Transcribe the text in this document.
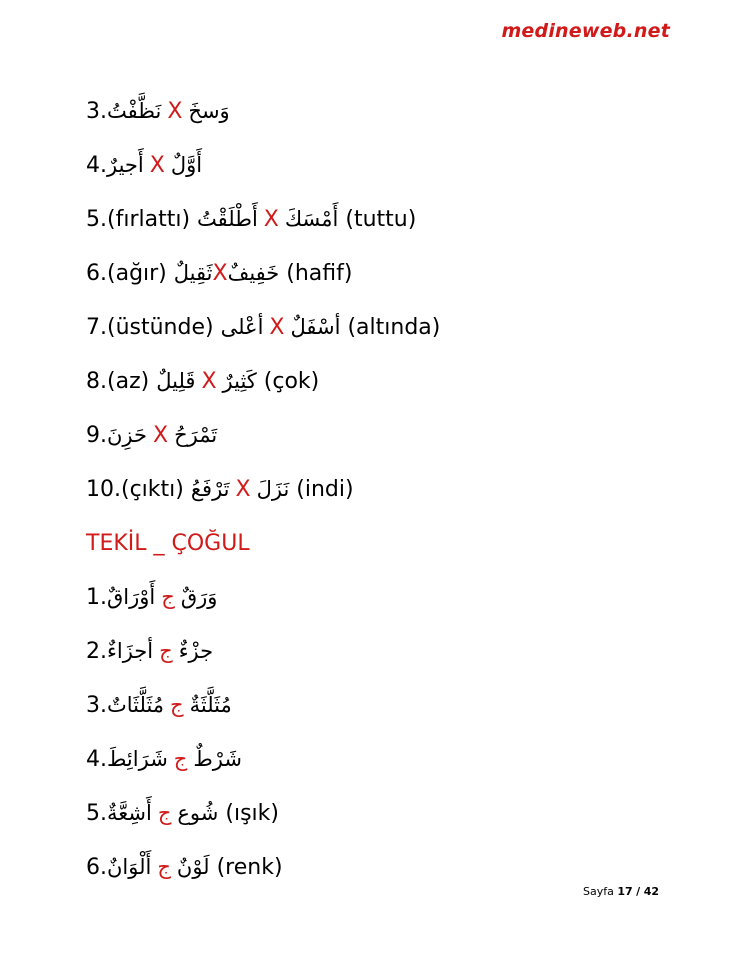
medineweb.net
3. نَظَّفْتُ X وَسخَ
4. أَجيرٌ X أَوَّلٌ
5. (fırlattı) أَطْلَقْتُ X أَمْسَكَ (tuttu)
6. (ağır) ثَقِيلٌ X خَفِيفٌ (hafif)
7. (üstünde) أعْلى X أسْفَلٌ (altında)
8. (az) قَلِيلٌ X كَثِيرٌ (çok)
9. حَزِنَ X تَمْرَحُ
10. (çıktı) تَرْفَعُ X نَزَلَ (indi)
TEKİL _ ÇOĞUL
1. أَوْرَاقٌ ج وَرَقٌ
2. أجزَاءٌ ج جزْءٌ
3. مُثَلَّثَاتٌ ج مُثَلَّثَةٌ
4. شَرَائِطَ ج شَرْطٌ
5. أَشِعَّةٌ ج شُوع (ışık)
6. أَلْوَانٌ ج لَوْنٌ (renk)
Sayfa 17 / 42
